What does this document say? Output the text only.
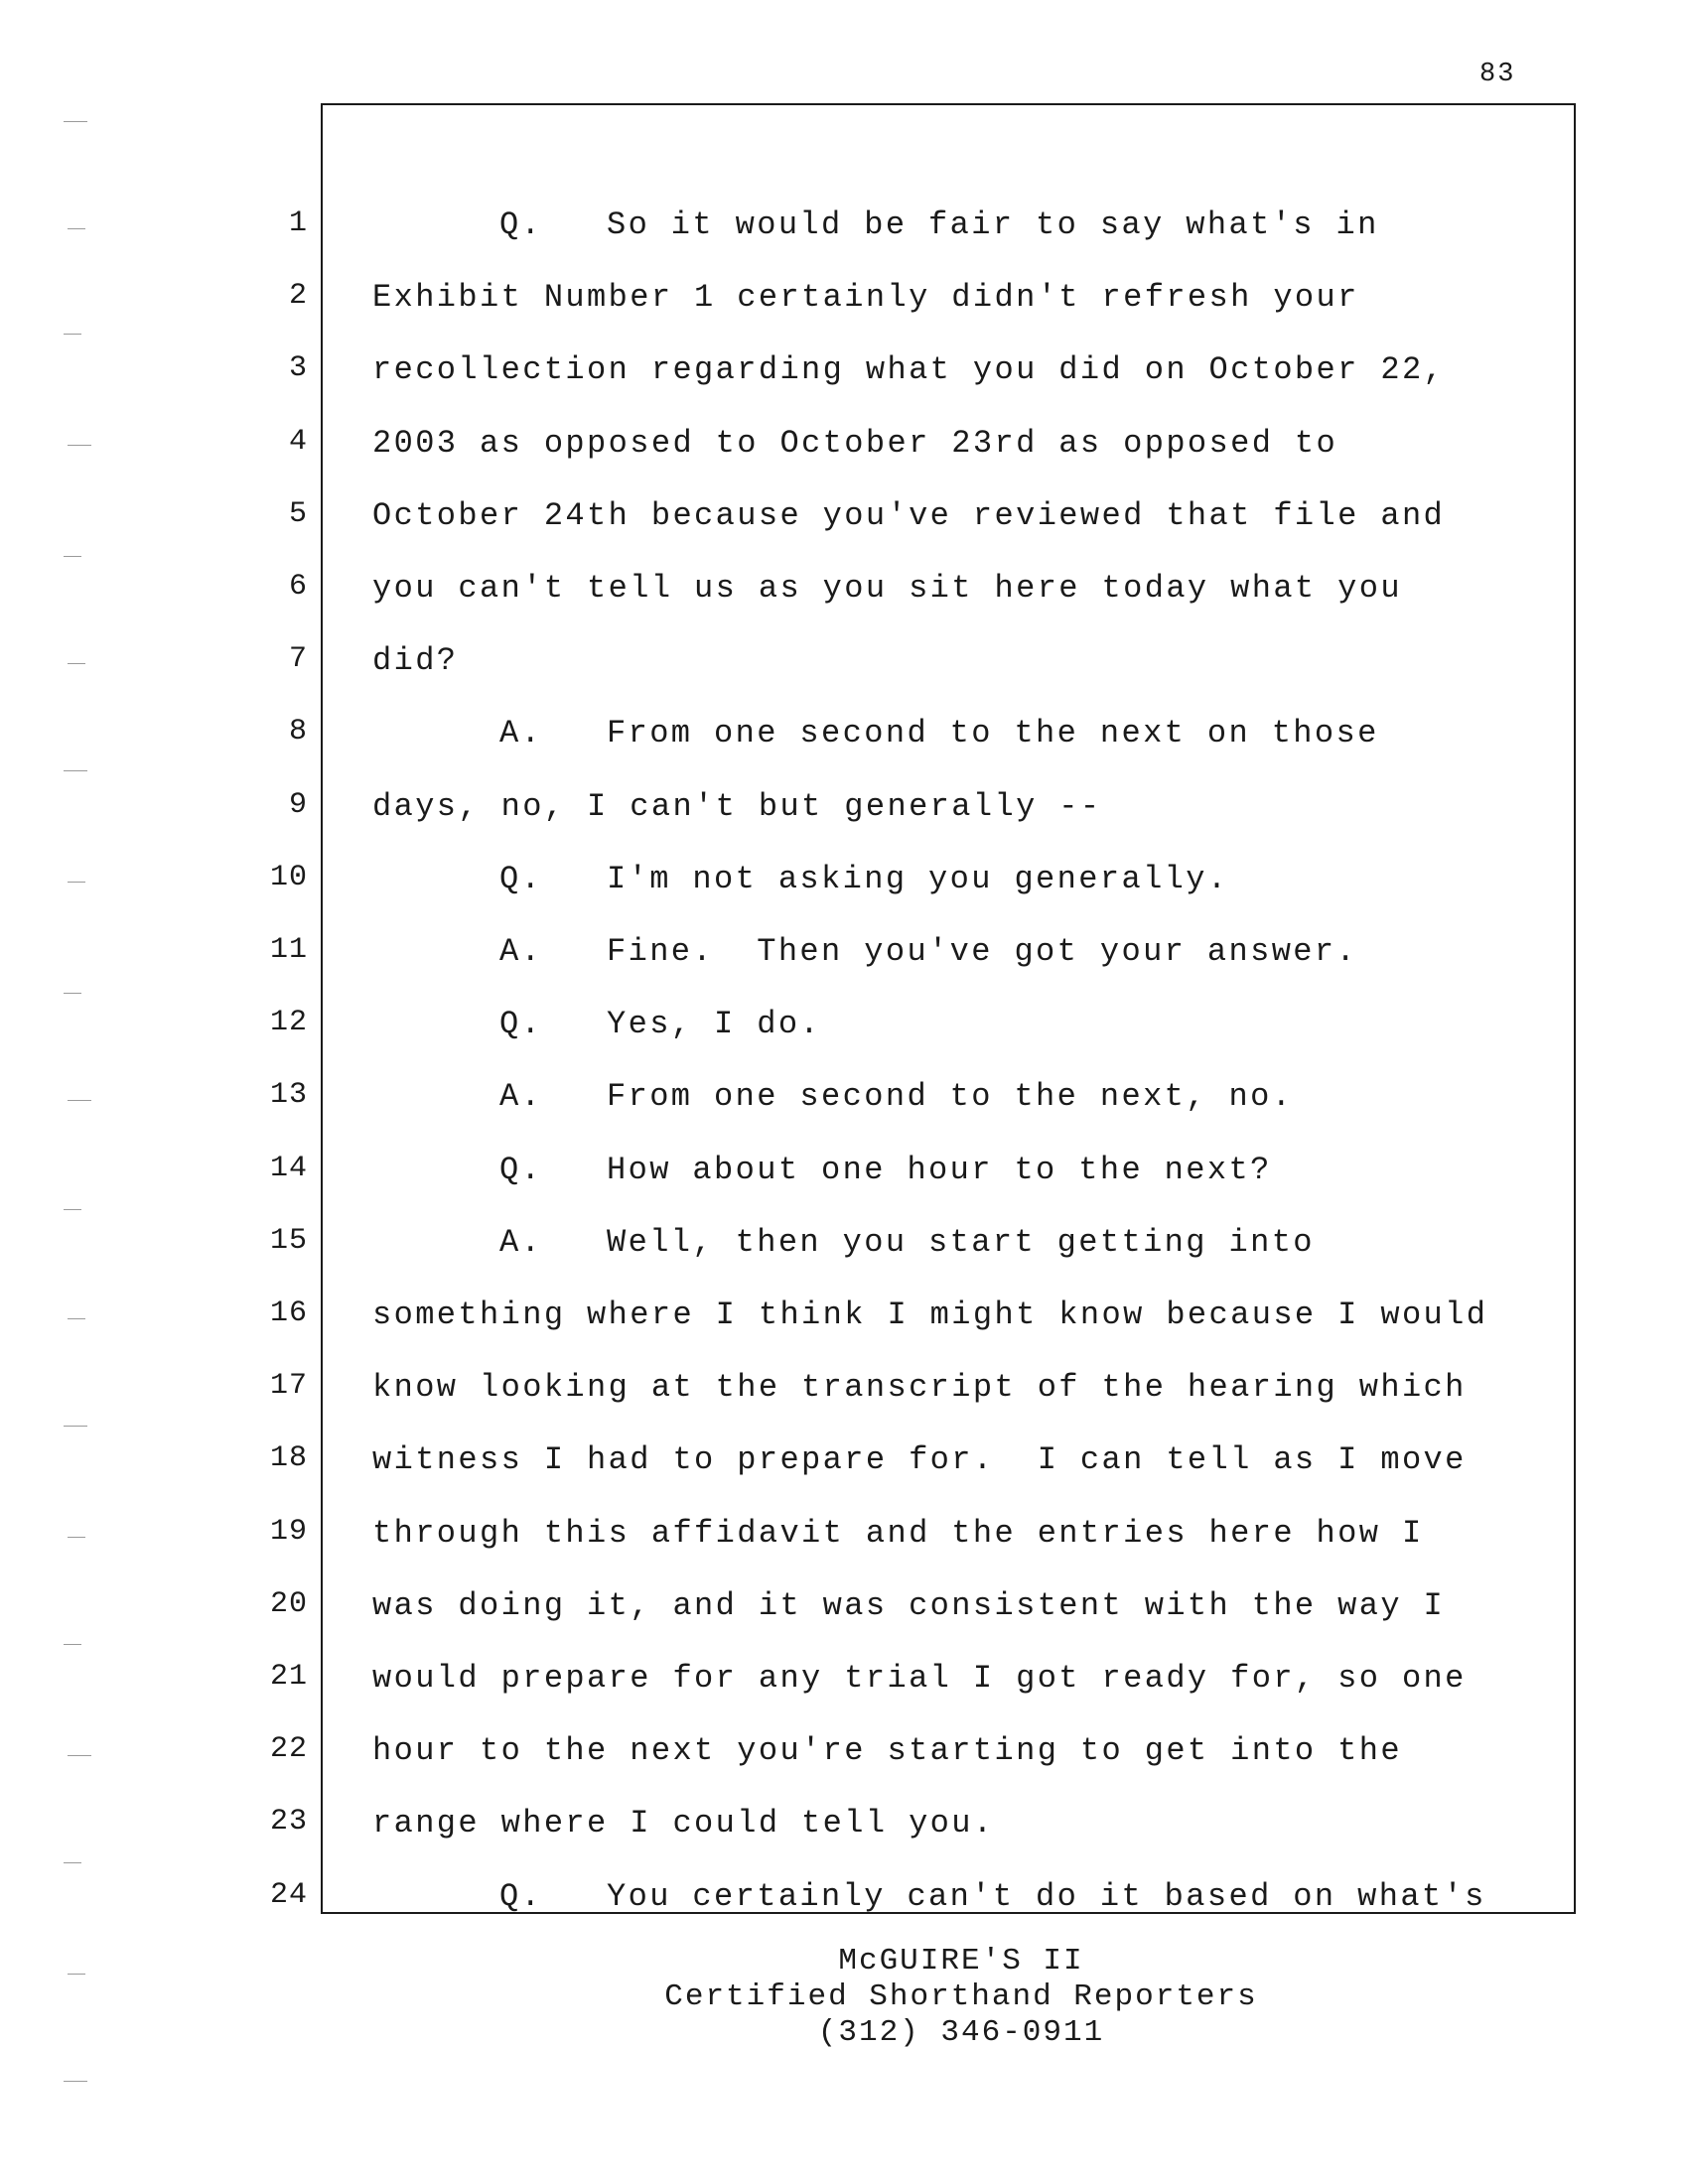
83
1	Q. So it would be fair to say what's in
2 Exhibit Number 1 certainly didn't refresh your
3 recollection regarding what you did on October 22,
4 2003 as opposed to October 23rd as opposed to
5 October 24th because you've reviewed that file and
6 you can't tell us as you sit here today what you
7 did?
8	A. From one second to the next on those
9 days, no, I can't but generally --
10	Q. I'm not asking you generally.
11	A. Fine.  Then you've got your answer.
12	Q. Yes, I do.
13	A. From one second to the next, no.
14	Q. How about one hour to the next?
15	A. Well, then you start getting into
16 something where I think I might know because I would
17 know looking at the transcript of the hearing which
18 witness I had to prepare for.  I can tell as I move
19 through this affidavit and the entries here how I
20 was doing it, and it was consistent with the way I
21 would prepare for any trial I got ready for, so one
22 hour to the next you're starting to get into the
23 range where I could tell you.
24	Q. You certainly can't do it based on what's
McGUIRE'S II
Certified Shorthand Reporters
(312) 346-0911
